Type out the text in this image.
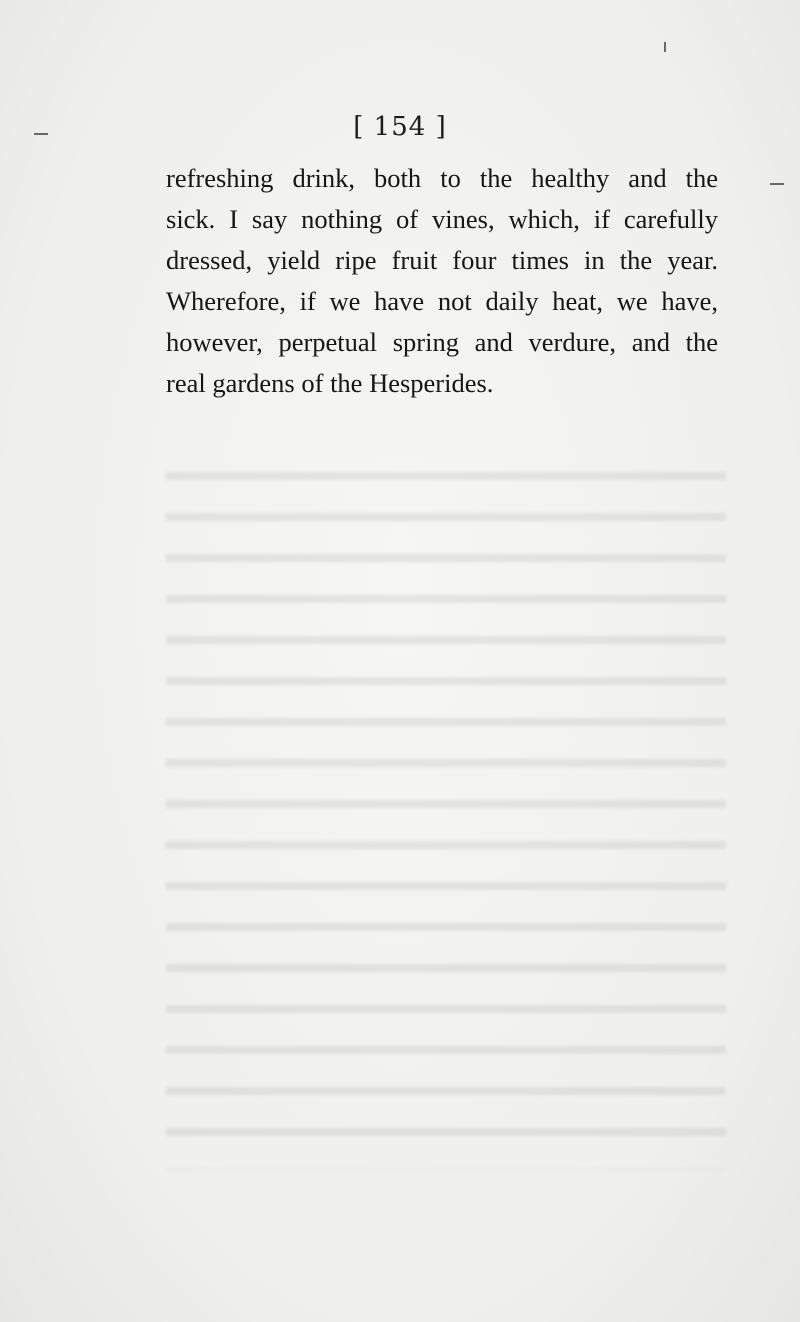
[ 154 ]
refreshing drink, both to the healthy and the
sick. I say nothing of vines, which, if carefully
dressed, yield ripe fruit four times in the year.
Wherefore, if we have not daily heat, we have,
however, perpetual spring and verdure, and the
real gardens of the Hesperides.
